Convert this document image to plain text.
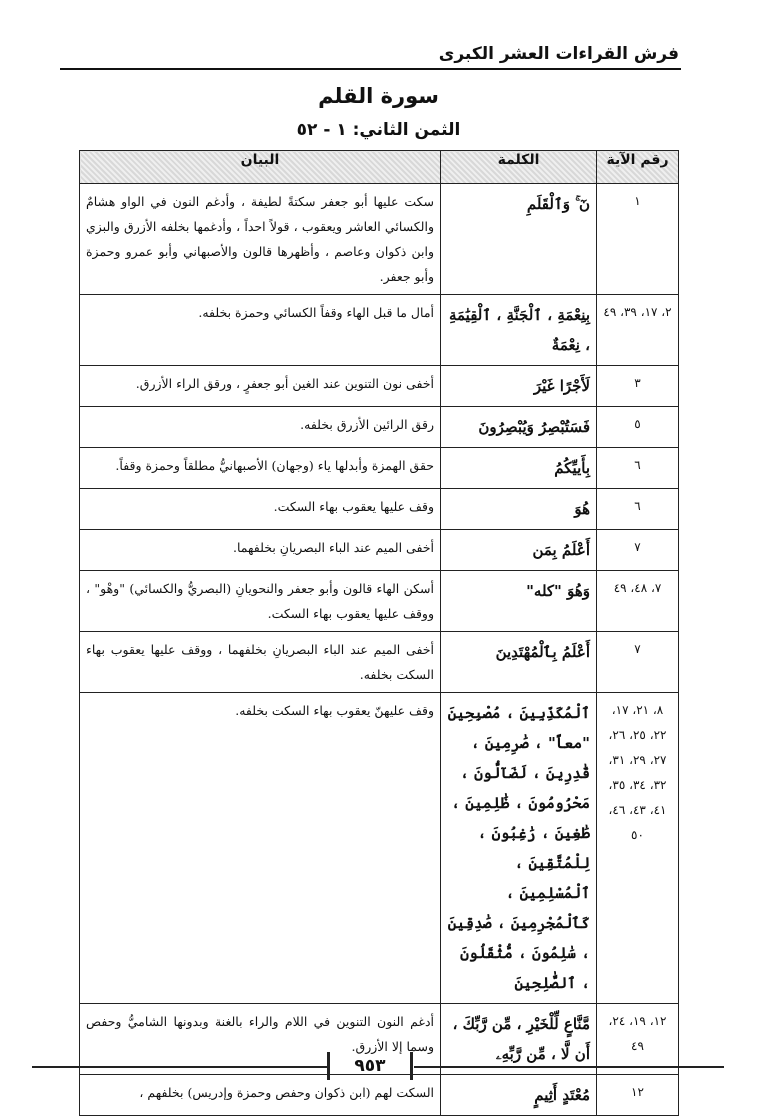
فرش القراءات العشر الكبرى
سورة القلم
الثمن الثاني: ١ - ٥٢
رقم الآية	الكلمة	البيان
١	نٓ ۚ وَٱلْقَلَمِ	سكت عليها أبو جعفر سكتةً لطيفة ، وأدغم النون في الواو هشامٌ والكسائي العاشر ويعقوب ، قولاً احداً ، وأدغمها بخلفه الأزرق والبزي وابن ذكوان وعاصم ، وأظهرها قالون والأصبهاني وأبو عمرو وحمزة وأبو جعفر.
٢، ١٧، ٣٩، ٤٩	بِنِعْمَةِ ، ٱلْجَنَّةِ ، ٱلْقِيَٰمَةِ ، نِعْمَةٌ	أمال ما قبل الهاء وقفاً الكسائي وحمزة بخلفه.
٣	لَأَجْرًا غَيْرَ	أخفى نون التنوين عند الغين أبو جعفرٍ ، ورقق الراء الأزرق.
٥	فَسَتُبْصِرُ وَيُبْصِرُونَ	رقق الرائين الأزرق بخلفه.
٦	بِأَييِّكُمُ	حقق الهمزة وأبدلها ياء (وجهان) الأصبهانيُّ مطلقاً وحمزة وقفاً.
٦	هُوَ	وقف عليها يعقوب بهاء السكت.
٧	أَعْلَمُ بِمَن	أخفى الميم عند الباء البصريانِ بخلفهما.
٧، ٤٨، ٤٩	وَهُوَ "كله"	أسكن الهاء قالون وأبو جعفر والنحويانِ (البصريُّ والكسائي) "وهْو" ، ووقف عليها يعقوب بهاء السكت.
٧	أَعْلَمُ بِٱلْمُهْتَدِينَ	أخفى الميم عند الباء البصريانِ بخلفهما ، ووقف عليها يعقوب بهاء السكت بخلفه.
٨، ٢١، ١٧، ٢٢، ٢٥، ٢٦، ٢٧، ٢٩، ٣١، ٣٢، ٣٤، ٣٥، ٤١، ٤٣، ٤٦، ٥٠	ٱلْمُكَذِّبِينَ ، مُصْبِحِينَ "معاً" ، صَٰرِمِينَ ، قَٰدِرِينَ ، لَضَآلُّونَ ، مَحْرُومُونَ ، ظَٰلِمِينَ ، طَٰغِينَ ، رَٰغِبُونَ ، لِلْمُتَّقِينَ ، ٱلْمُسْلِمِينَ ، كَٱلْمُجْرِمِينَ ، صَٰدِقِينَ ، سَٰلِمُونَ ، مُّثْقَلُونَ ، ٱلصَّٰلِحِينَ	وقف عليهنّ يعقوب بهاء السكت بخلفه.
١٢، ١٩، ٢٤، ٤٩	مَّنَّاعٍ لِّلْخَيْرِ ، مِّن رَّبِّكَ ، أَن لَّا ، مِّن رَّبِّهِۦ	أدغم النون التنوين في اللام والراء بالغنة وبدونها الشاميُّ وحفص وسما إلا الأزرق.
١٢	مُعْتَدٍ أَثِيمٍ	السكت لهم (ابن ذكوان وحفص وحمزة وإدريس) بخلفهم ،
٩٥٣
